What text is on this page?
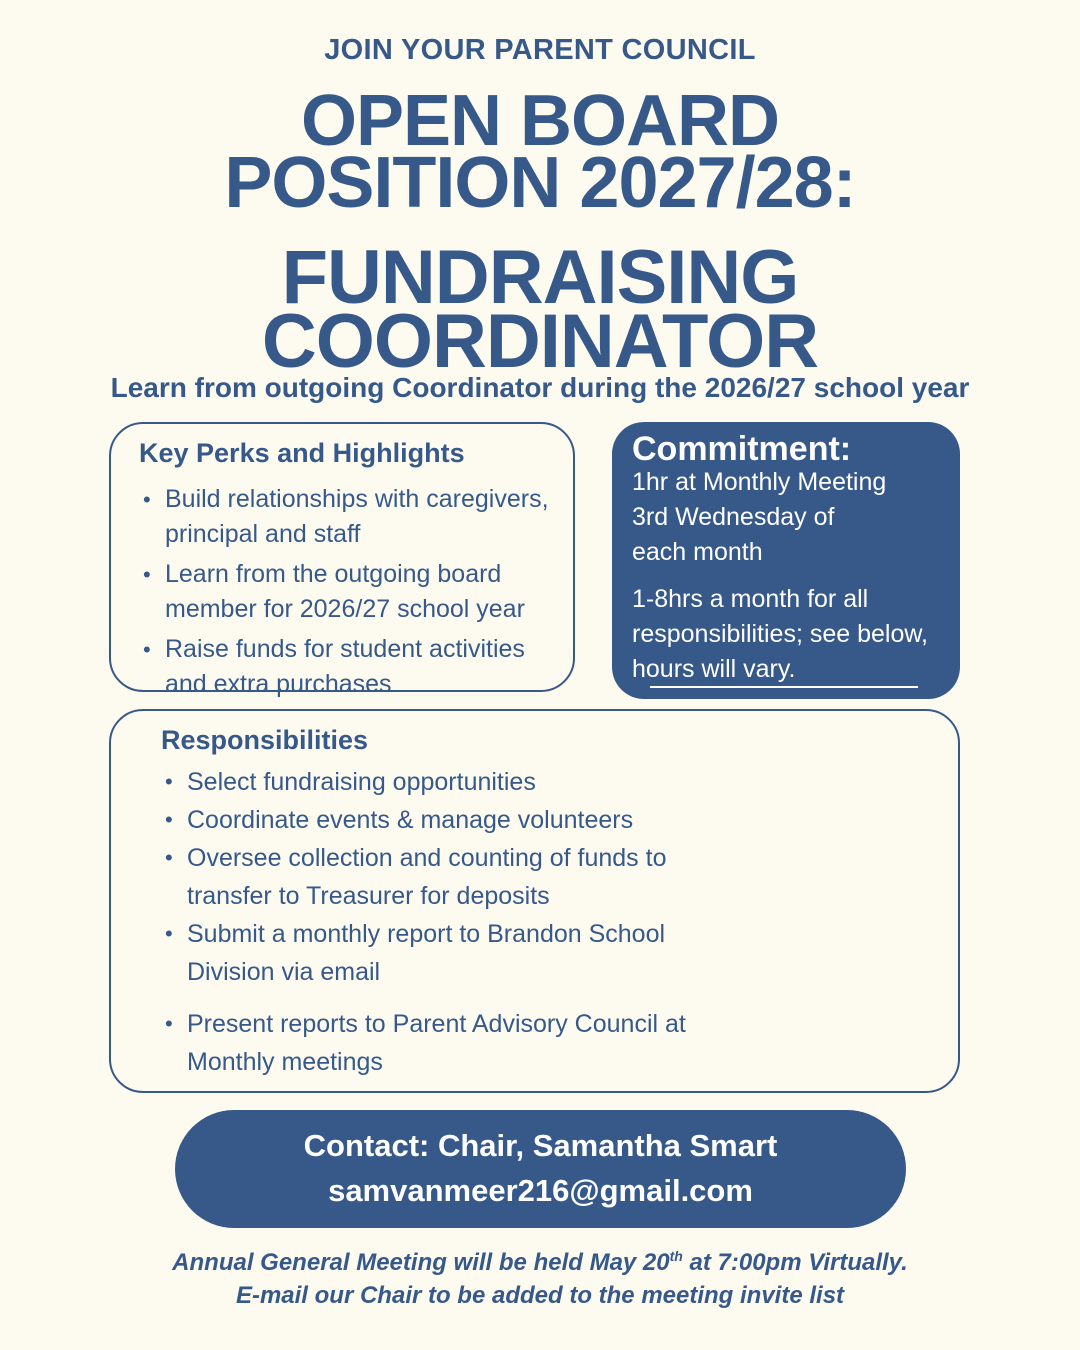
JOIN YOUR PARENT COUNCIL
OPEN BOARD
POSITION 2027/28:
FUNDRAISING
COORDINATOR
Learn from outgoing Coordinator during the 2026/27 school year
Key Perks and Highlights
• Build relationships with caregivers, principal and staff
• Learn from the outgoing board member for 2026/27 school year
• Raise funds for student activities and extra purchases
Commitment:
1hr at Monthly Meeting
3rd Wednesday of
each month
1-8hrs a month for all
responsibilities; see below,
hours will vary.
Responsibilities
• Select fundraising opportunities
• Coordinate events & manage volunteers
• Oversee collection and counting of funds to transfer to Treasurer for deposits
• Submit a monthly report to Brandon School Division via email
• Present reports to Parent Advisory Council at Monthly meetings
Contact: Chair, Samantha Smart
samvanmeer216@gmail.com
Annual General Meeting will be held May 20th at 7:00pm Virtually.
E-mail our Chair to be added to the meeting invite list
